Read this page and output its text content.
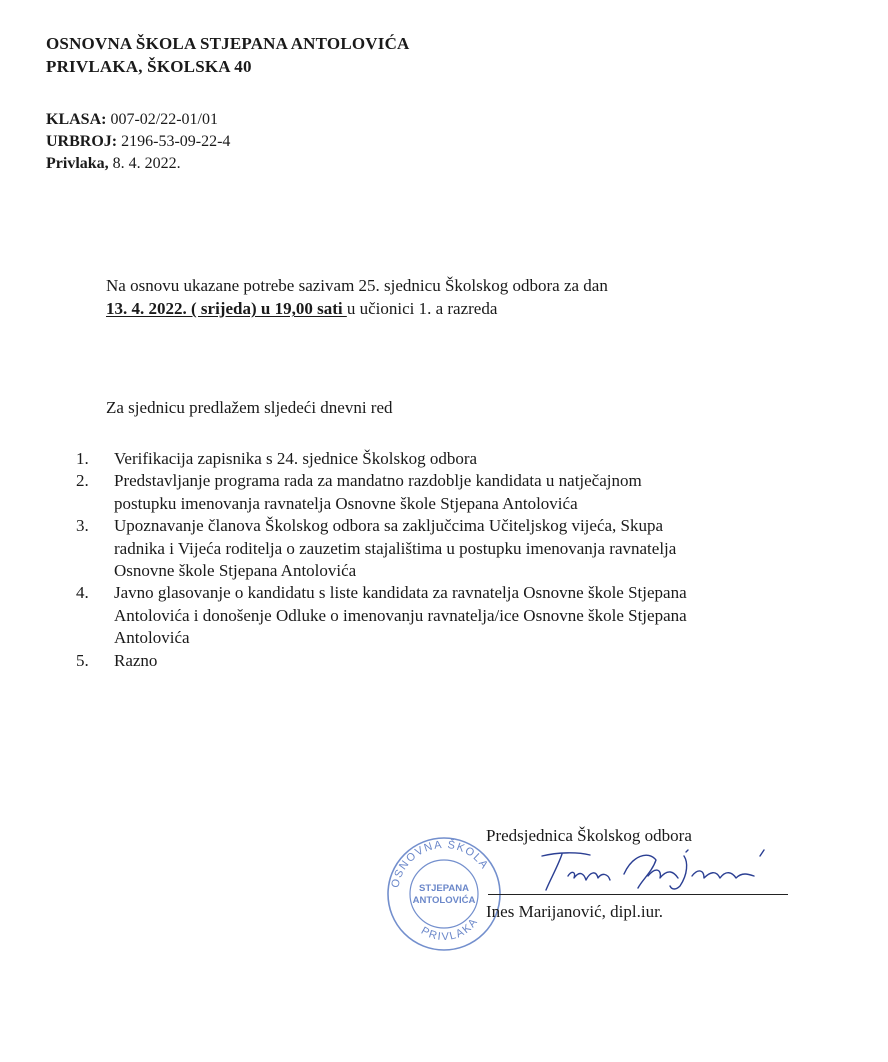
OSNOVNA ŠKOLA STJEPANA ANTOLOVIĆA
PRIVLAKA, ŠKOLSKA 40
KLASA: 007-02/22-01/01
URBROJ: 2196-53-09-22-4
Privlaka, 8. 4. 2022.
Na osnovu ukazane potrebe sazivam 25. sjednicu Školskog odbora za dan
13. 4. 2022. ( srijeda) u 19,00 sati u učionici 1. a razreda
Za sjednicu predlažem sljedeći dnevni red
1.	Verifikacija zapisnika s 24. sjednice Školskog odbora
2.	Predstavljanje programa rada za mandatno razdoblje kandidata u natječajnom
postupku imenovanja ravnatelja Osnovne škole Stjepana Antolovića
3.	Upoznavanje članova Školskog odbora sa zaključcima Učiteljskog vijeća, Skupa
radnika i Vijeća roditelja o zauzetim stajalištima u postupku imenovanja ravnatelja
Osnovne škole Stjepana Antolovića
4.	Javno glasovanje o kandidatu s liste kandidata za ravnatelja Osnovne škole Stjepana
Antolovića i donošenje Odluke o imenovanju ravnatelja/ice Osnovne škole Stjepana
Antolovića
5.	Razno
OSNOVNA ŠKOLA
PRIVLAKA
STJEPANA
ANTOLOVIĆA
Predsjednica Školskog odbora
Ines Marijanović, dipl.iur.
